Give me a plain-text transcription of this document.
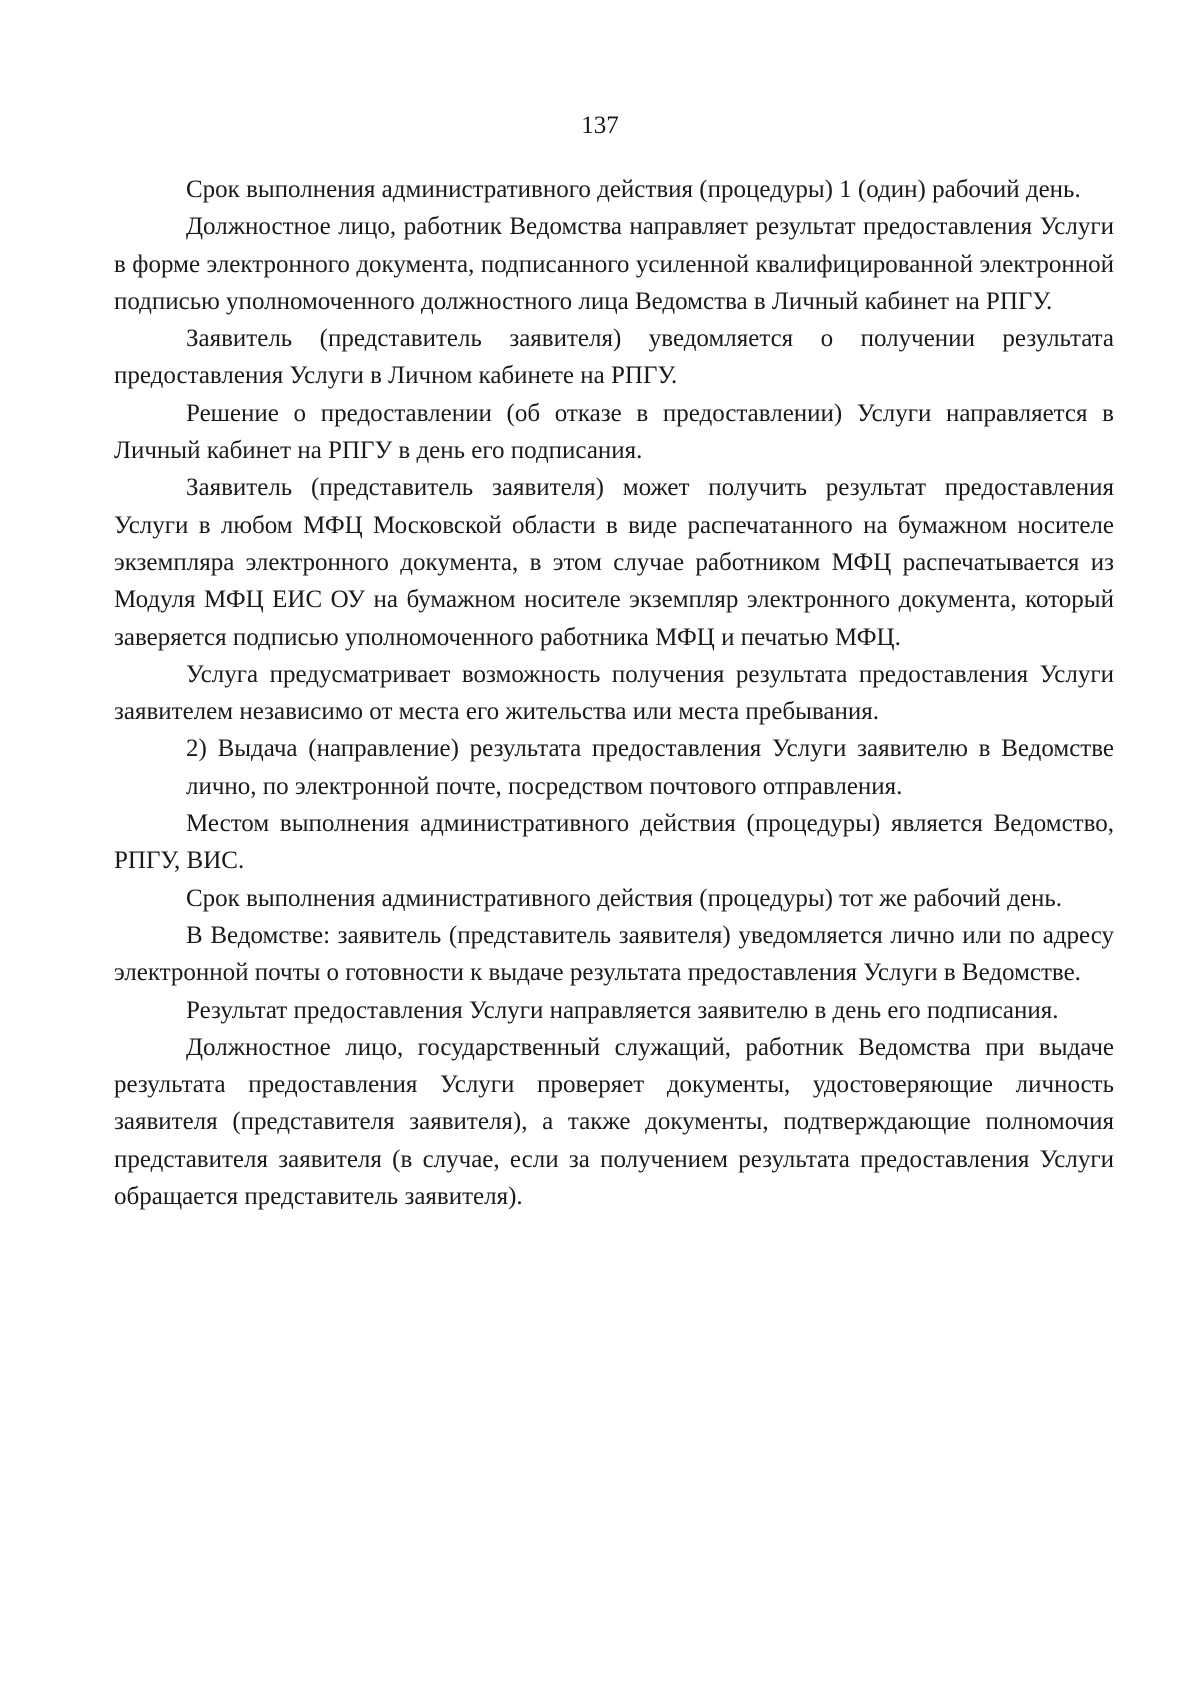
137

Срок выполнения административного действия (процедуры) 1 (один) рабочий день.

Должностное лицо, работник Ведомства направляет результат предоставления Услуги в форме электронного документа, подписанного усиленной квалифицированной электронной подписью уполномоченного должностного лица Ведомства в Личный кабинет на РПГУ.

Заявитель (представитель заявителя) уведомляется о получении результата предоставления Услуги в Личном кабинете на РПГУ.

Решение о предоставлении (об отказе в предоставлении) Услуги направляется в Личный кабинет на РПГУ в день его подписания.

Заявитель (представитель заявителя) может получить результат предоставления Услуги в любом МФЦ Московской области в виде распечатанного на бумажном носителе экземпляра электронного документа, в этом случае работником МФЦ распечатывается из Модуля МФЦ ЕИС ОУ на бумажном носителе экземпляр электронного документа, который заверяется подписью уполномоченного работника МФЦ и печатью МФЦ.

Услуга предусматривает возможность получения результата предоставления Услуги заявителем независимо от места его жительства или места пребывания.

2) Выдача (направление) результата предоставления Услуги заявителю в Ведомстве лично, по электронной почте, посредством почтового отправления.

Местом выполнения административного действия (процедуры) является Ведомство, РПГУ, ВИС.

Срок выполнения административного действия (процедуры) тот же рабочий день.

В Ведомстве: заявитель (представитель заявителя) уведомляется лично или по адресу электронной почты о готовности к выдаче результата предоставления Услуги в Ведомстве.

Результат предоставления Услуги направляется заявителю в день его подписания.

Должностное лицо, государственный служащий, работник Ведомства при выдаче результата предоставления Услуги проверяет документы, удостоверяющие личность заявителя (представителя заявителя), а также документы, подтверждающие полномочия представителя заявителя (в случае, если за получением результата предоставления Услуги обращается представитель заявителя).
